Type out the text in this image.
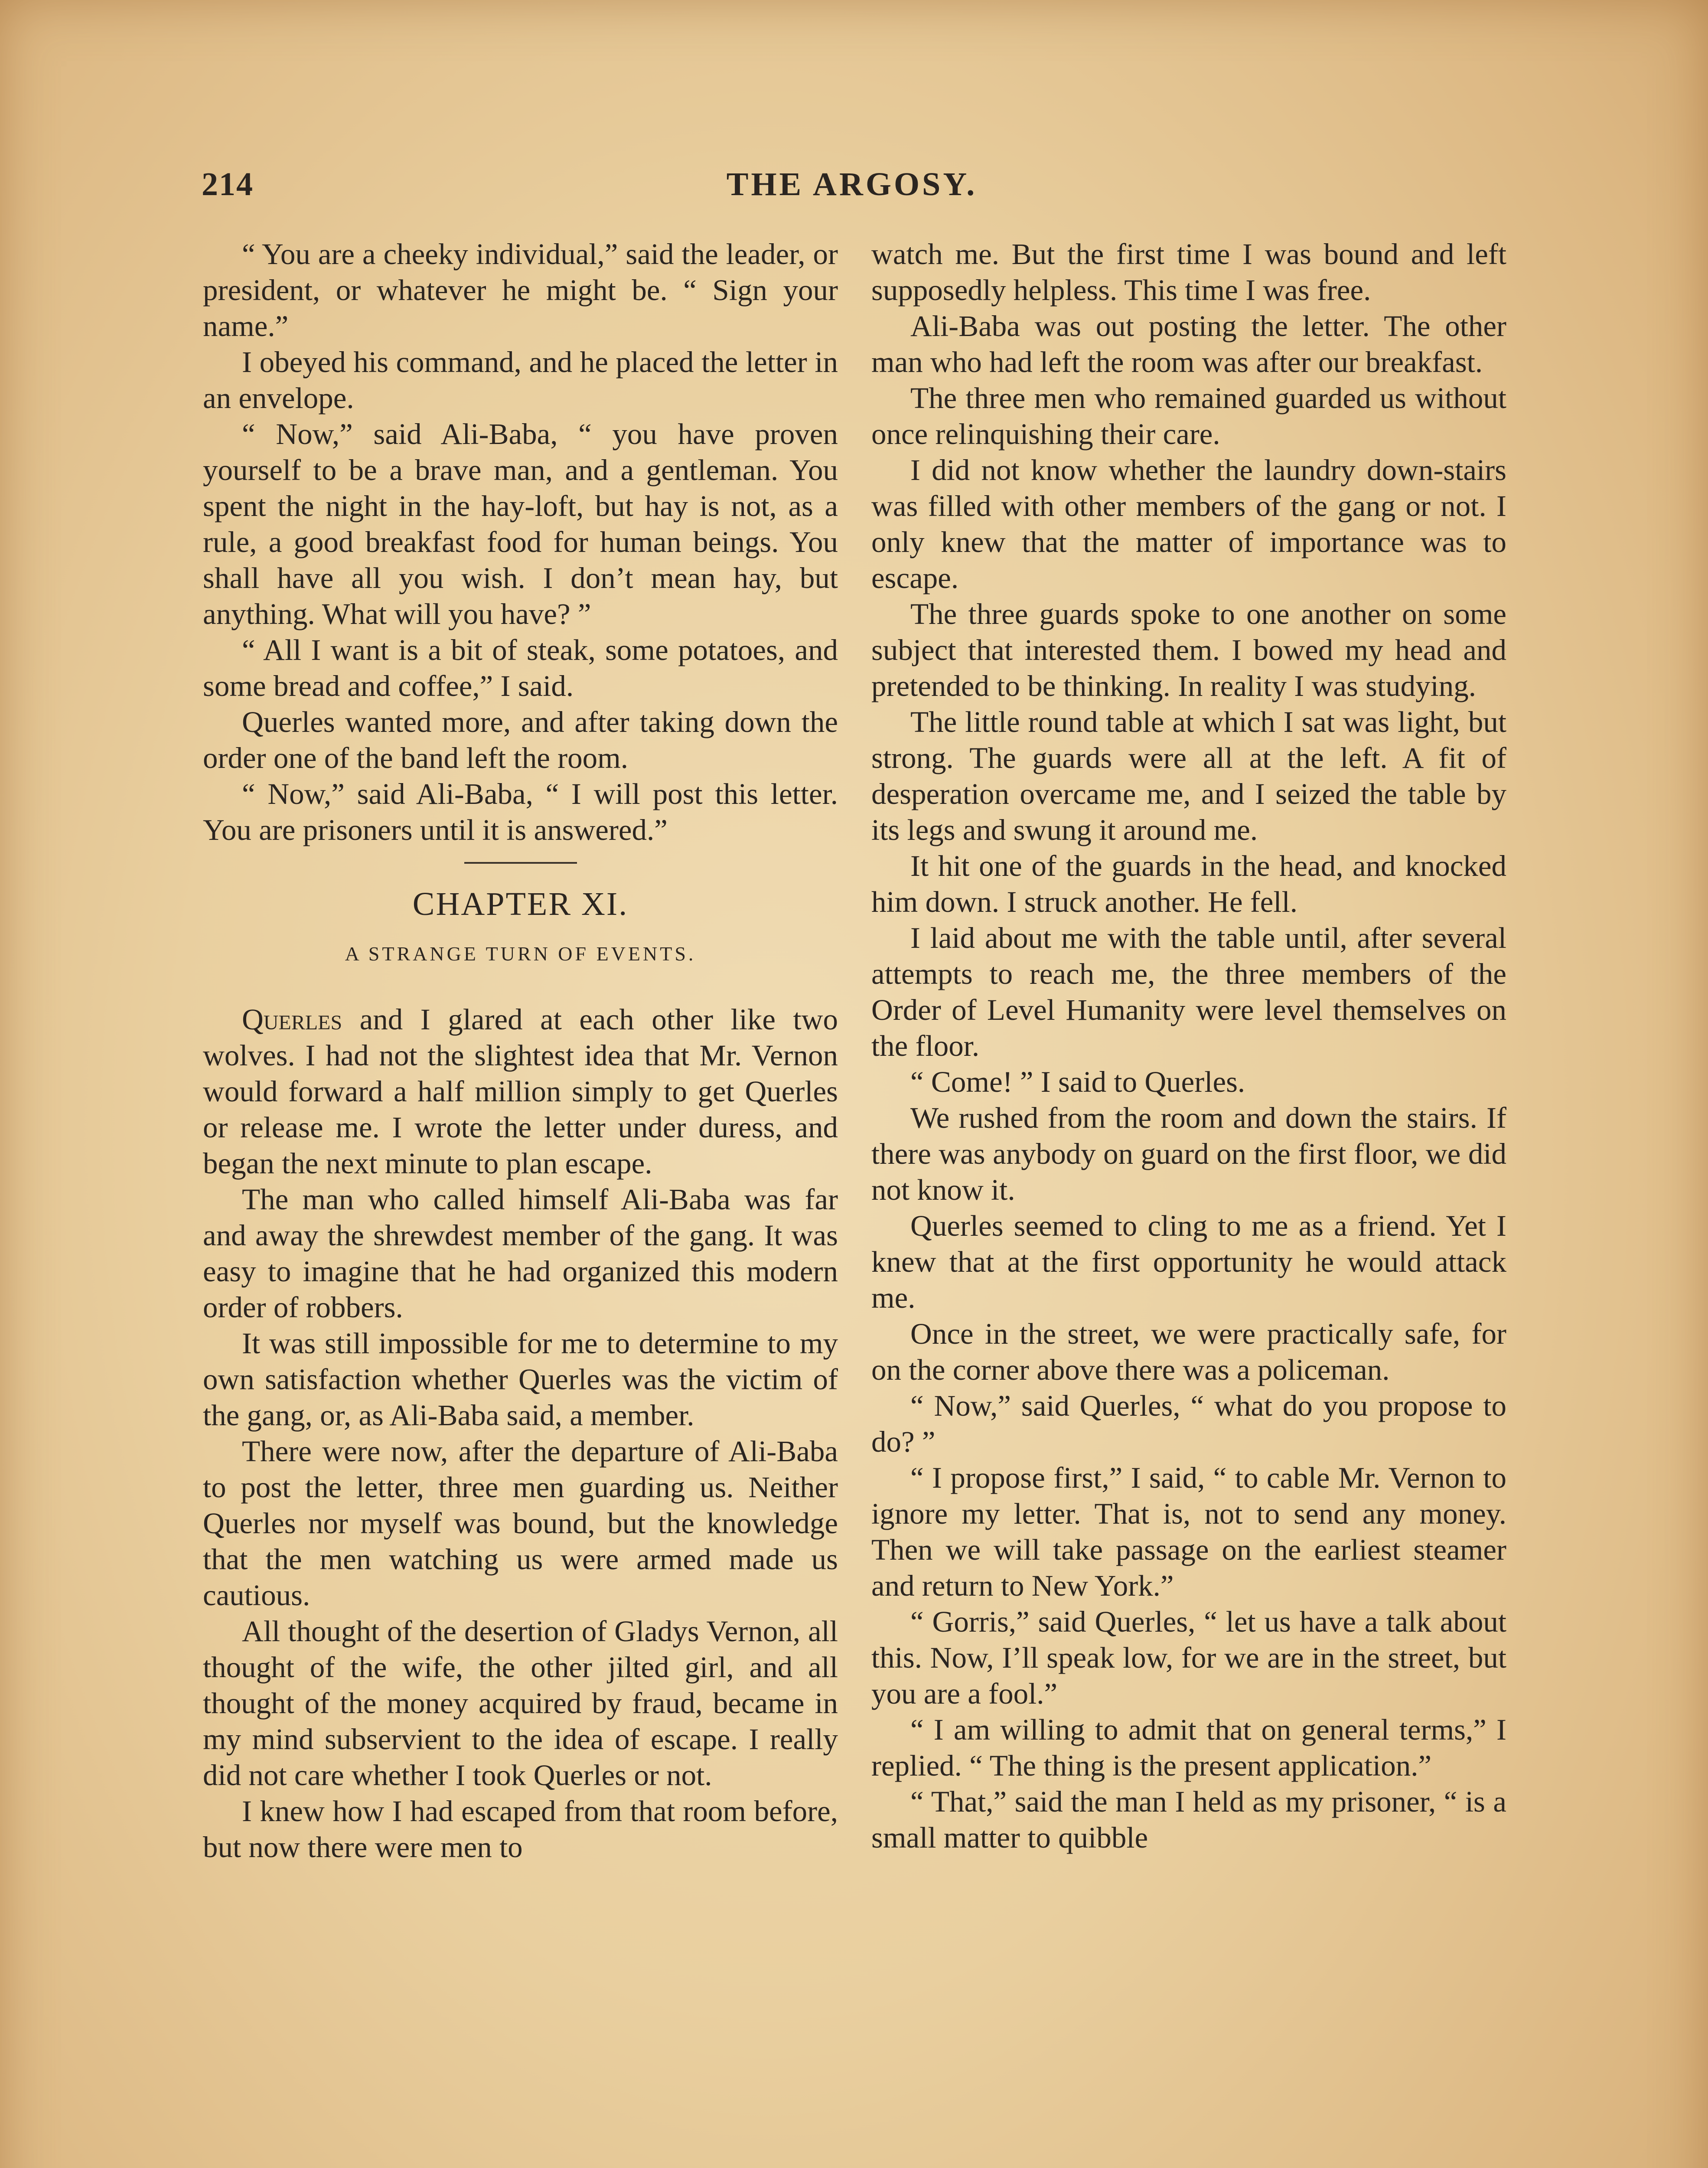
214	THE ARGOSY.

“ You are a cheeky individual,” said the leader, or president, or whatever he might be. “ Sign your name.”

I obeyed his command, and he placed the letter in an envelope.

“ Now,” said Ali-Baba, “ you have proven yourself to be a brave man, and a gentleman. You spent the night in the hay-loft, but hay is not, as a rule, a good breakfast food for human beings. You shall have all you wish. I don’t mean hay, but anything. What will you have? ”

“ All I want is a bit of steak, some potatoes, and some bread and coffee,” I said.

Querles wanted more, and after taking down the order one of the band left the room.

“ Now,” said Ali-Baba, “ I will post this letter. You are prisoners until it is answered.”

CHAPTER XI.
A STRANGE TURN OF EVENTS.

Querles and I glared at each other like two wolves. I had not the slightest idea that Mr. Vernon would forward a half million simply to get Querles or release me. I wrote the letter under duress, and began the next minute to plan escape.

The man who called himself Ali-Baba was far and away the shrewdest member of the gang. It was easy to imagine that he had organized this modern order of robbers.

It was still impossible for me to determine to my own satisfaction whether Querles was the victim of the gang, or, as Ali-Baba said, a member.

There were now, after the departure of Ali-Baba to post the letter, three men guarding us. Neither Querles nor myself was bound, but the knowledge that the men watching us were armed made us cautious.

All thought of the desertion of Gladys Vernon, all thought of the wife, the other jilted girl, and all thought of the money acquired by fraud, became in my mind subservient to the idea of escape. I really did not care whether I took Querles or not.

I knew how I had escaped from that room before, but now there were men to

watch me. But the first time I was bound and left supposedly helpless. This time I was free.

Ali-Baba was out posting the letter. The other man who had left the room was after our breakfast.

The three men who remained guarded us without once relinquishing their care.

I did not know whether the laundry down-stairs was filled with other members of the gang or not. I only knew that the matter of importance was to escape.

The three guards spoke to one another on some subject that interested them. I bowed my head and pretended to be thinking. In reality I was studying.

The little round table at which I sat was light, but strong. The guards were all at the left. A fit of desperation overcame me, and I seized the table by its legs and swung it around me.

It hit one of the guards in the head, and knocked him down. I struck another. He fell.

I laid about me with the table until, after several attempts to reach me, the three members of the Order of Level Humanity were level themselves on the floor.

“ Come! ” I said to Querles.

We rushed from the room and down the stairs. If there was anybody on guard on the first floor, we did not know it.

Querles seemed to cling to me as a friend. Yet I knew that at the first opportunity he would attack me.

Once in the street, we were practically safe, for on the corner above there was a policeman.

“ Now,” said Querles, “ what do you propose to do? ”

“ I propose first,” I said, “ to cable Mr. Vernon to ignore my letter. That is, not to send any money. Then we will take passage on the earliest steamer and return to New York.”

“ Gorris,” said Querles, “ let us have a talk about this. Now, I’ll speak low, for we are in the street, but you are a fool.”

“ I am willing to admit that on general terms,” I replied. “ The thing is the present application.”

“ That,” said the man I held as my prisoner, “ is a small matter to quibble
